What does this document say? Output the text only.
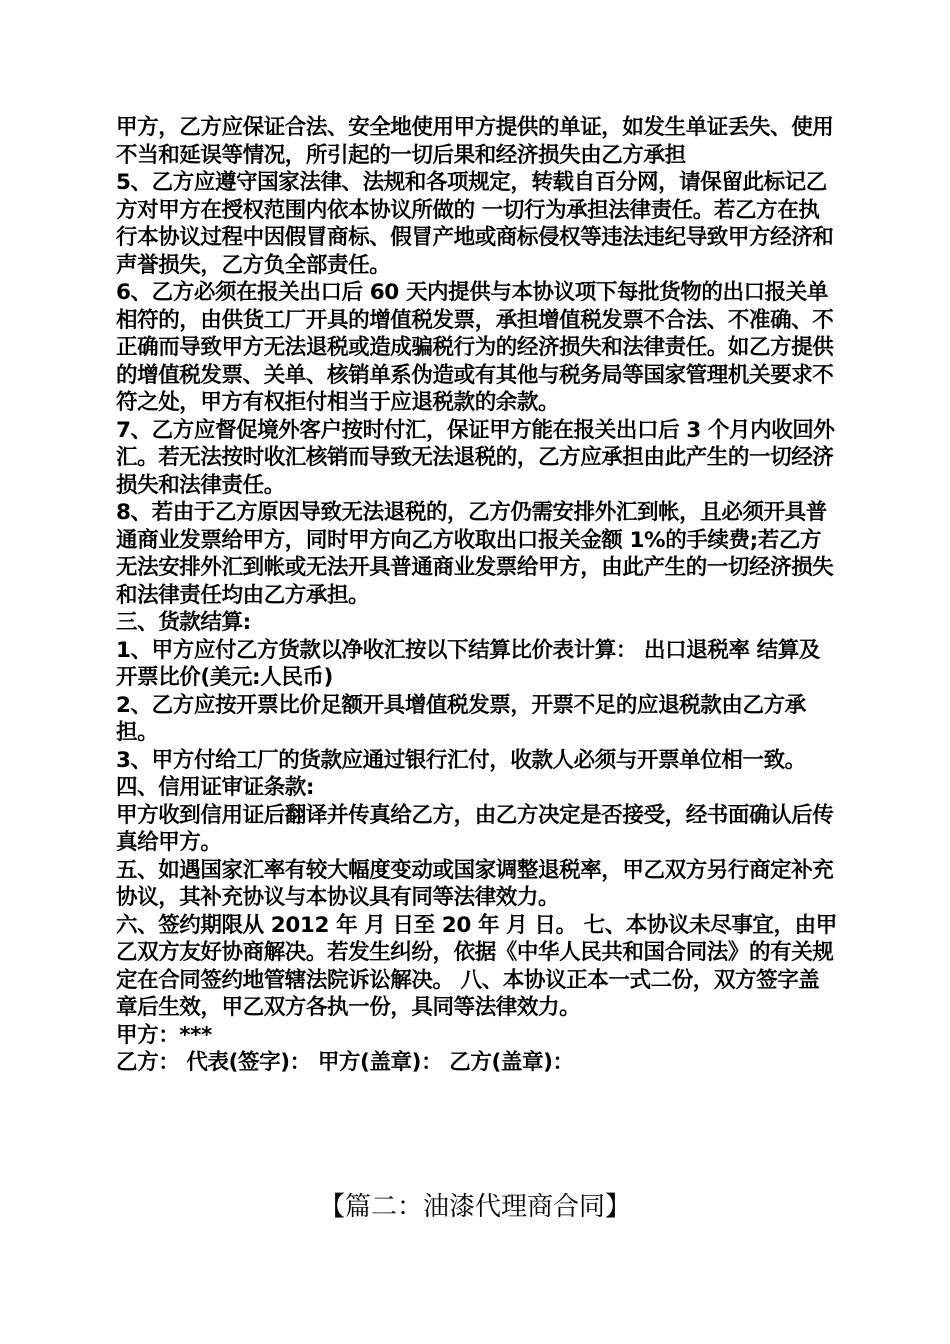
甲方，乙方应保证合法、安全地使用甲方提供的单证，如发生单证丢失、使用不当和延误等情况，所引起的一切后果和经济损失由乙方承担

5、乙方应遵守国家法律、法规和各项规定，转载自百分网，请保留此标记乙方对甲方在授权范围内依本协议所做的 一切行为承担法律责任。若乙方在执行本协议过程中因假冒商标、假冒产地或商标侵权等违法违纪导致甲方经济和声誉损失，乙方负全部责任。

6、乙方必须在报关出口后 60 天内提供与本协议项下每批货物的出口报关单相符的，由供货工厂开具的增值税发票，承担增值税发票不合法、不准确、不正确而导致甲方无法退税或造成骗税行为的经济损失和法律责任。如乙方提供的增值税发票、关单、核销单系伪造或有其他与税务局等国家管理机关要求不符之处，甲方有权拒付相当于应退税款的余款。

7、乙方应督促境外客户按时付汇，保证甲方能在报关出口后 3 个月内收回外汇。若无法按时收汇核销而导致无法退税的，乙方应承担由此产生的一切经济损失和法律责任。

8、若由于乙方原因导致无法退税的，乙方仍需安排外汇到帐，且必须开具普通商业发票给甲方，同时甲方向乙方收取出口报关金额 1%的手续费;若乙方无法安排外汇到帐或无法开具普通商业发票给甲方，由此产生的一切经济损失和法律责任均由乙方承担。

三、货款结算:

1、甲方应付乙方货款以净收汇按以下结算比价表计算： 出口退税率 结算及开票比价(美元:人民币)

2、乙方应按开票比价足额开具增值税发票，开票不足的应退税款由乙方承担。

3、甲方付给工厂的货款应通过银行汇付，收款人必须与开票单位相一致。

四、信用证审证条款:

甲方收到信用证后翻译并传真给乙方，由乙方决定是否接受，经书面确认后传真给甲方。

五、如遇国家汇率有较大幅度变动或国家调整退税率，甲乙双方另行商定补充协议，其补充协议与本协议具有同等法律效力。

六、签约期限从 2012 年 月 日至 20 年 月 日。 七、本协议未尽事宜，由甲乙双方友好协商解决。若发生纠纷，依据《中华人民共和国合同法》的有关规定在合同签约地管辖法院诉讼解决。 八、本协议正本一式二份，双方签字盖章后生效，甲乙双方各执一份，具同等法律效力。

甲方：***

乙方： 代表(签字)： 甲方(盖章)： 乙方(盖章)：

【篇二：油漆代理商合同】
